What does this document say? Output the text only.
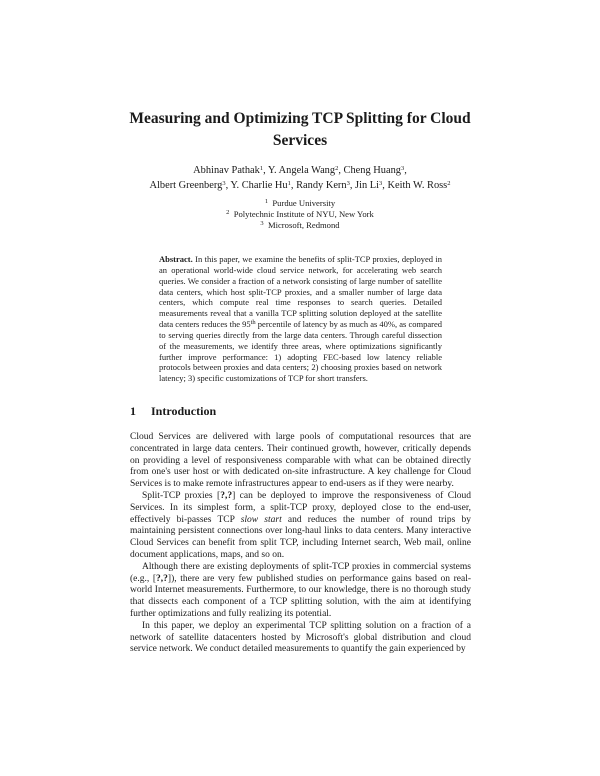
Measuring and Optimizing TCP Splitting for Cloud Services
Abhinav Pathak$^1$, Y. Angela Wang$^2$, Cheng Huang$^3$,
Albert Greenberg$^3$, Y. Charlie Hu$^1$, Randy Kern$^3$, Jin Li$^3$, Keith W. Ross$^2$
$^1$ Purdue University
$^2$ Polytechnic Institute of NYU, New York
$^3$ Microsoft, Redmond
Abstract. In this paper, we examine the benefits of split-TCP proxies, deployed in an operational world-wide cloud service network, for accelerating web search queries. We consider a fraction of a network consisting of large number of satellite data centers, which host split-TCP proxies, and a smaller number of large data centers, which compute real time responses to search queries. Detailed measurements reveal that a vanilla TCP splitting solution deployed at the satellite data centers reduces the 95th percentile of latency by as much as 40%, as compared to serving queries directly from the large data centers. Through careful dissection of the measurements, we identify three areas, where optimizations significantly further improve performance: 1) adopting FEC-based low latency reliable protocols between proxies and data centers; 2) choosing proxies based on network latency; 3) specific customizations of TCP for short transfers.
1 Introduction

Cloud Services are delivered with large pools of computational resources that are concentrated in large data centers. Their continued growth, however, critically depends on providing a level of responsiveness comparable with what can be obtained directly from one's user host or with dedicated on-site infrastructure. A key challenge for Cloud Services is to make remote infrastructures appear to end-users as if they were nearby.

Split-TCP proxies [?,?] can be deployed to improve the responsiveness of Cloud Services. In its simplest form, a split-TCP proxy, deployed close to the end-user, effectively bi-passes TCP slow start and reduces the number of round trips by maintaining persistent connections over long-haul links to data centers. Many interactive Cloud Services can benefit from split TCP, including Internet search, Web mail, online document applications, maps, and so on.

Although there are existing deployments of split-TCP proxies in commercial systems (e.g., [?,?]), there are very few published studies on performance gains based on real-world Internet measurements. Furthermore, to our knowledge, there is no thorough study that dissects each component of a TCP splitting solution, with the aim at identifying further optimizations and fully realizing its potential.

In this paper, we deploy an experimental TCP splitting solution on a fraction of a network of satellite datacenters hosted by Microsoft's global distribution and cloud service network. We conduct detailed measurements to quantify the gain experienced by
